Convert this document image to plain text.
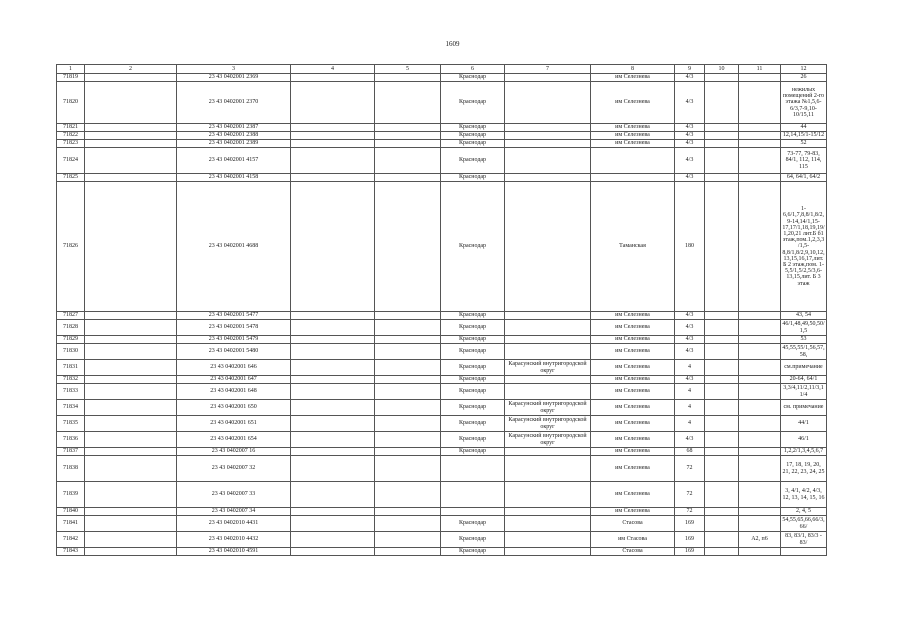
1609
1	2	3	4	5	6	7	8	9	10	11	12
71819		23 43 0402001 2369			Краснодар		им Селезнева	4/3			26
71820		23 43 0402001 2370			Краснодар		им Селезнева	4/3			нежилых помещений 2-го этажа №1,5,6-6/3,7-9,10-10/15,11
71821		23 43 0402001 2387			Краснодар		им Селезнева	4/3			44
71822		23 43 0402001 2388			Краснодар		им Селезнева	4/3			12,14,15/1-15/12
71823		23 43 0402001 2389			Краснодар		им Селезнева	4/3			52
71824		23 43 0402001 4157			Краснодар			4/3			73-77, 79-83, 84/1, 112, 114, 115
71825		23 43 0402001 4158			Краснодар			4/3			64, 64/1, 64/2
71826		23 43 0402001 4688			Краснодар		Таманская	180			1-6,6/1,7,8,8/1,8/2,9-14,14/1,15-17,17/1,18,19,19/1,20,21 лит.Б б1 этаж,пом.1,2,3,3/1,5-8,8/1,8/2,9,10,12,13,15,16,17,лит. Б 2 этаж,пом. 1-5,5/1,5/2,5/3,6-13,15,лит. Б 3 этаж
71827		23 43 0402001 5477			Краснодар		им Селезнева	4/3			43, 54
71828		23 43 0402001 5478			Краснодар		им Селезнева	4/3			46/1,48,49,50,50/1,5
71829		23 43 0402001 5479			Краснодар		им Селезнева	4/3			53
71830		23 43 0402001 5480			Краснодар		им Селезнева	4/3			45,55,55/1,56,57,58,
71831		23 43 0402001 646			Краснодар	Карасунский внутригородской округ	им Селезнева	4			см.примечание
71832		23 43 0402001 647			Краснодар		им Селезнева	4/3			20-64, 64/1
71833		23 43 0402001 648			Краснодар		им Селезнева	4			3,3/4,11/2,11/3,11/4
71834		23 43 0402001 650			Краснодар	Карасунский внутригородской округ	им Селезнева	4			см. примечание
71835		23 43 0402001 651			Краснодар	Карасунский внутригородской округ	им Селезнева	4			44/1
71836		23 43 0402001 654			Краснодар	Карасунский внутригородской округ	им Селезнева	4/3			46/1
71837		23 43 0402007 16			Краснодар		им Селезнева	68			1,2,2/1,3,4,5,6,7
71838		23 43 0402007 32					им Селезнева	72			17, 18, 19, 20, 21, 22, 23, 24, 25
71839		23 43 0402007 33					им Селезнева	72			3, 4/1, 4/2, 4/3, 12, 13, 14, 15, 16
71840		23 43 0402007 34					им Селезнева	72			2, 4, 5
71841		23 43 0402010 4431			Краснодар		Стасова	169			54,55,65,66,66/3,66/
71842		23 43 0402010 4432			Краснодар		им Стасова	169		А2, п6	83, 83/1, 83/3 - 83/
71843		23 43 0402010 4591			Краснодар		Стасова	169			
